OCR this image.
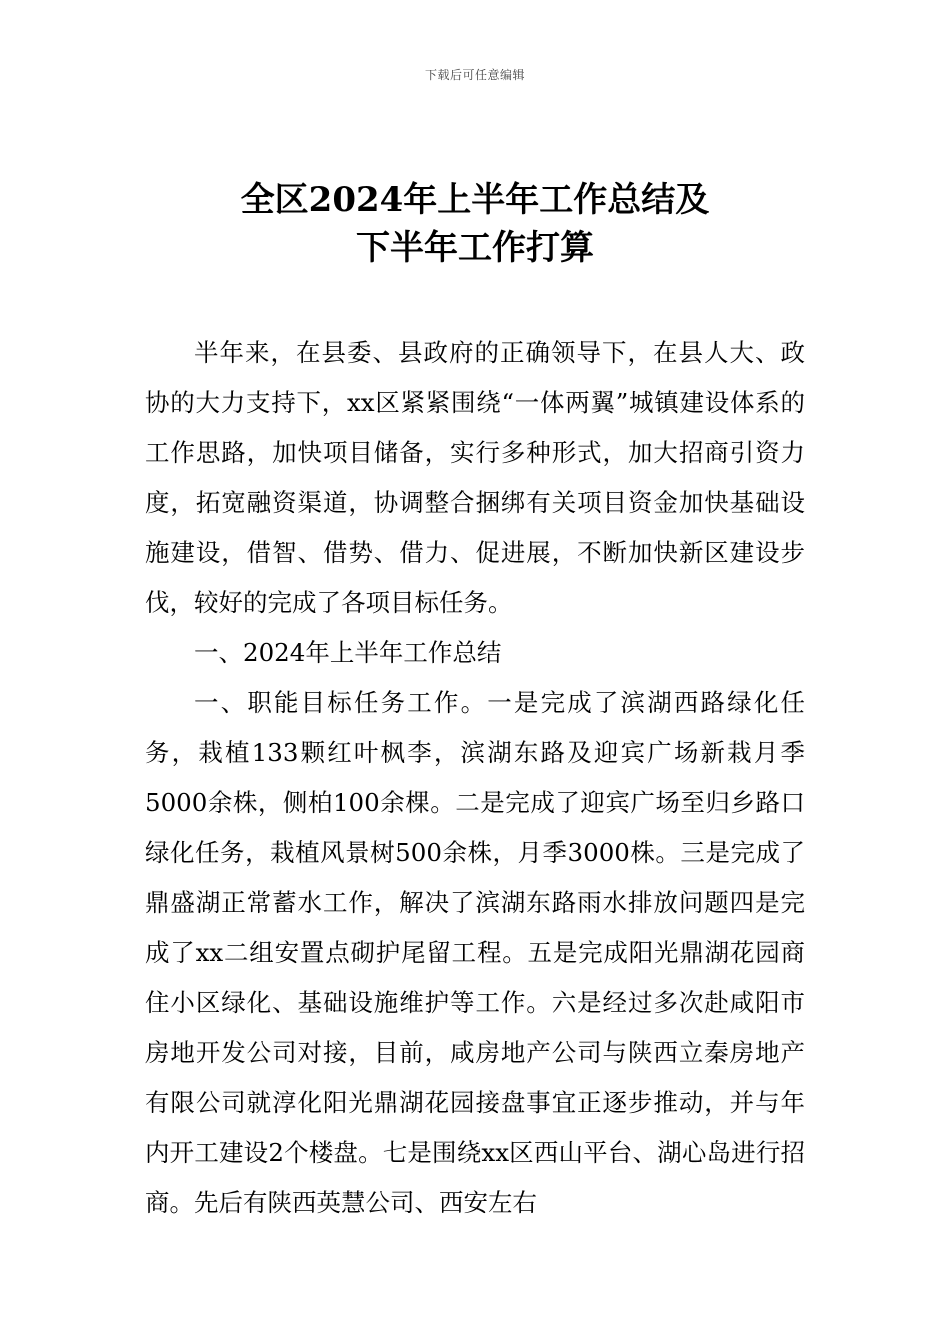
下载后可任意编辑
全区2024年上半年工作总结及
下半年工作打算

半年来，在县委、县政府的正确领导下，在县人大、政协的大力支持下，xx区紧紧围绕“一体两翼”城镇建设体系的工作思路，加快项目储备，实行多种形式，加大招商引资力度，拓宽融资渠道，协调整合捆绑有关项目资金加快基础设施建设，借智、借势、借力、促进展，不断加快新区建设步伐，较好的完成了各项目标任务。

一、2024年上半年工作总结

一、职能目标任务工作。一是完成了滨湖西路绿化任务，栽植133颗红叶枫李，滨湖东路及迎宾广场新栽月季5000余株，侧柏100余棵。二是完成了迎宾广场至归乡路口绿化任务，栽植风景树500余株，月季3000株。三是完成了鼎盛湖正常蓄水工作，解决了滨湖东路雨水排放问题四是完成了xx二组安置点砌护尾留工程。五是完成阳光鼎湖花园商住小区绿化、基础设施维护等工作。六是经过多次赴咸阳市房地开发公司对接，目前，咸房地产公司与陕西立秦房地产有限公司就淳化阳光鼎湖花园接盘事宜正逐步推动，并与年内开工建设2个楼盘。七是围绕xx区西山平台、湖心岛进行招商。先后有陕西英慧公司、西安左右
